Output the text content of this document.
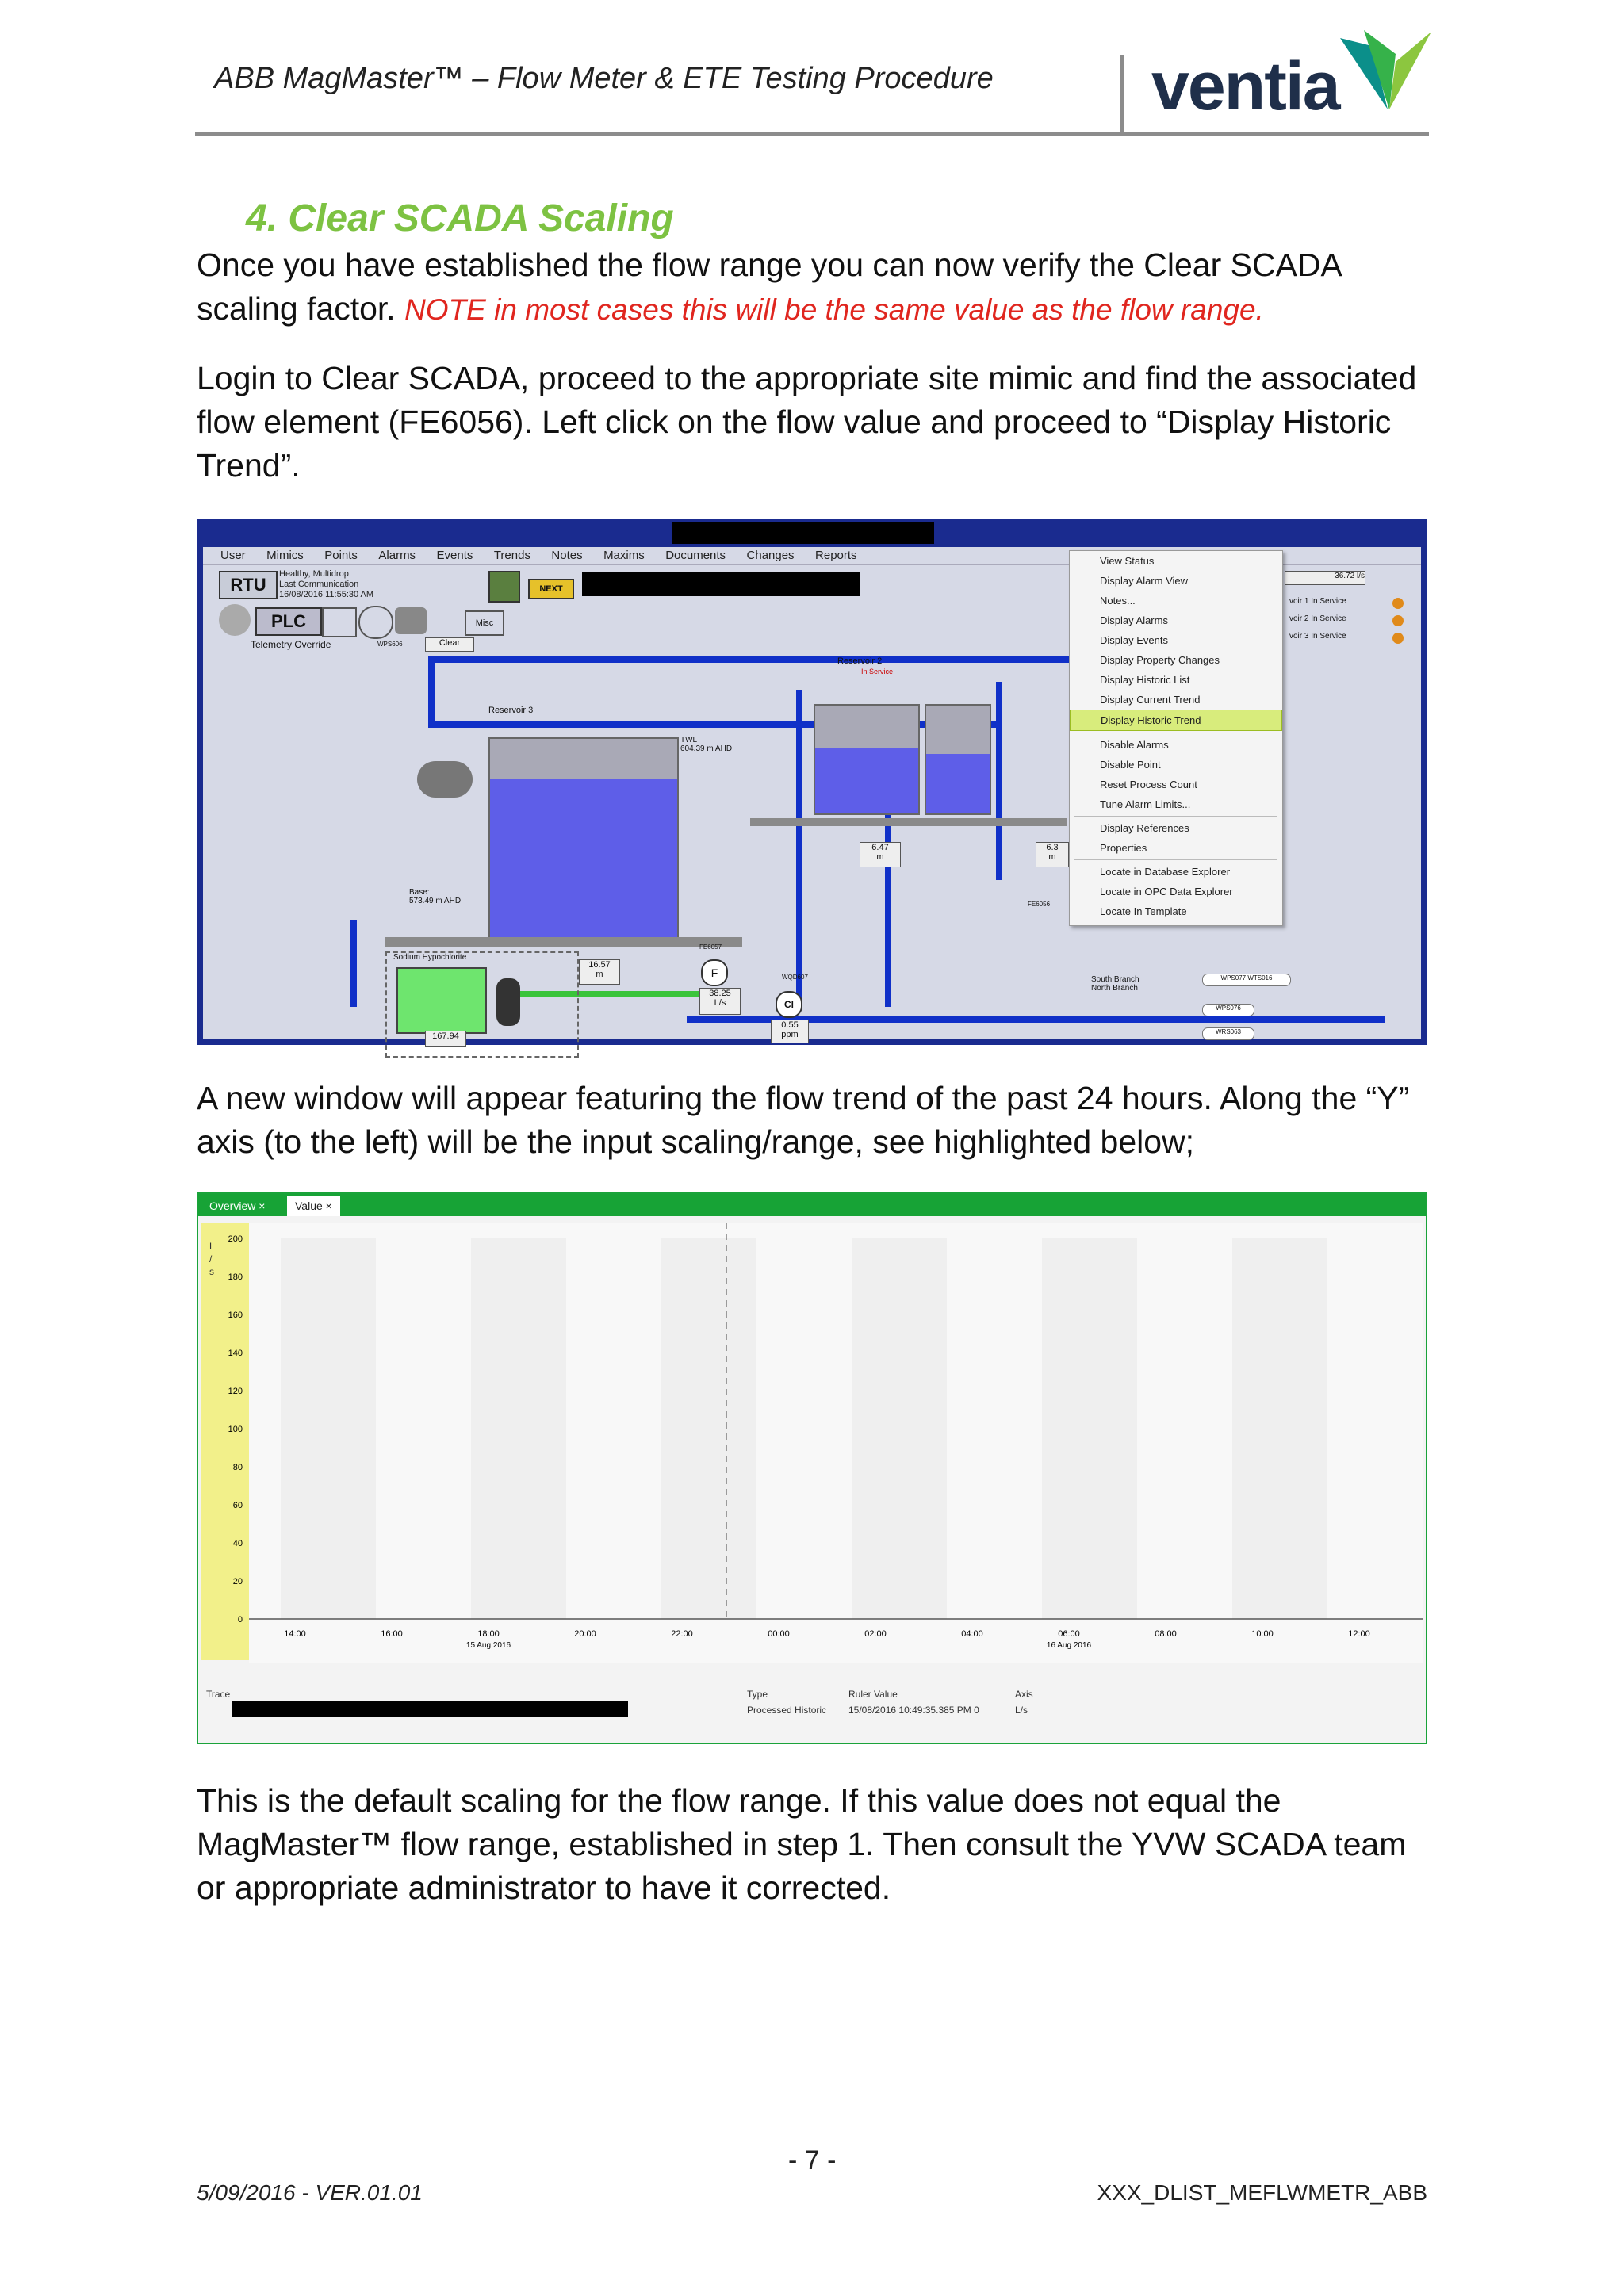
ABB MagMaster™ – Flow Meter & ETE Testing Procedure ventia
4. Clear SCADA Scaling
Once you have established the flow range you can now verify the Clear SCADA
scaling factor. NOTE in most cases this will be the same value as the flow range.
Login to Clear SCADA, proceed to the appropriate site mimic and find the associated flow element (FE6056). Left click on the flow value and proceed to “Display Historic Trend”.
User Mimics Points Alarms Events Trends Notes Maxims Documents Changes Reports
RTU
Healthy, Multidrop
Last Communication
16/08/2016 11:55:30 AM
NEXT
PLC	Misc
Telemetry Override	Clear
Reservoir 3
TWL
604.39 m AHD
Base:
573.49 m AHD
Reservoir 2
In Service
6.47
m
6.3
m
16.57
m	F
38.25
L/s	Cl
0.55
ppm
Sodium Hypochlorite
167.94
36.72 l/s
voir 1 In Service
voir 2 In Service
voir 3 In Service
South Branch
North Branch
WPS077 WTS016
WPS076
WRS063
WPS606
FE6057
FE6056
WQD607
View Status
Display Alarm View
Notes...
Display Alarms
Display Events
Display Property Changes
Display Historic List
Display Current Trend
Display Historic Trend
Disable Alarms
Disable Point
Reset Process Count
Tune Alarm Limits...
Display References
Properties
Locate in Database Explorer
Locate in OPC Data Explorer
Locate In Template
A new window will appear featuring the flow trend of the past 24 hours. Along the “Y” axis (to the left) will be the input scaling/range, see highlighted below;
Overview ×	Value ×
L / s
200
180
160
140
120
100
80
60
40
20
0
14:00	16:00	18:00	20:00	22:00	00:00	02:00	04:00	06:00	08:00	10:00	12:00
15 Aug 2016	16 Aug 2016
Trace	Type	Ruler Value	Axis
Processed Historic 15/08/2016 10:49:35.385 PM 0	L/s
This is the default scaling for the flow range. If this value does not equal the MagMaster™ flow range, established in step 1. Then consult the YVW SCADA team or appropriate administrator to have it corrected.
- 7 -
5/09/2016 - VER.01.01	XXX_DLIST_MEFLWMETR_ABB
